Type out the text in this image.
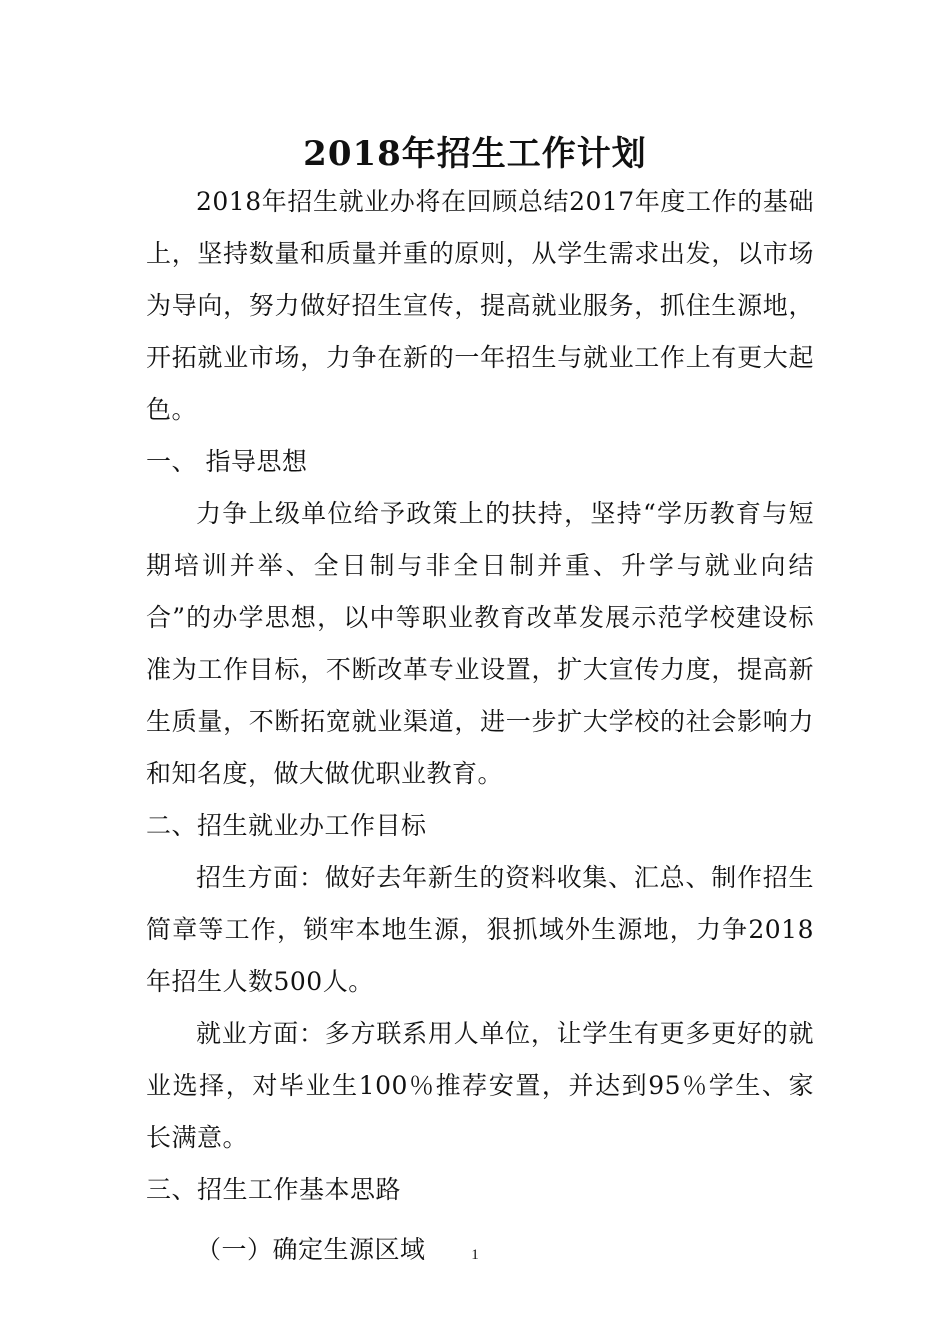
2018年招生工作计划

2018年招生就业办将在回顾总结2017年度工作的基础上，坚持数量和质量并重的原则，从学生需求出发，以市场为导向，努力做好招生宣传，提高就业服务，抓住生源地，开拓就业市场，力争在新的一年招生与就业工作上有更大起色。

一、 指导思想

力争上级单位给予政策上的扶持，坚持“学历教育与短期培训并举、全日制与非全日制并重、升学与就业向结合”的办学思想，以中等职业教育改革发展示范学校建设标准为工作目标，不断改革专业设置，扩大宣传力度，提高新生质量，不断拓宽就业渠道，进一步扩大学校的社会影响力和知名度，做大做优职业教育。

二、招生就业办工作目标

招生方面：做好去年新生的资料收集、汇总、制作招生简章等工作，锁牢本地生源，狠抓域外生源地，力争2018年招生人数500人。

就业方面：多方联系用人单位，让学生有更多更好的就业选择，对毕业生100％推荐安置，并达到95％学生、家长满意。

三、招生工作基本思路

（一）确定生源区域	1
